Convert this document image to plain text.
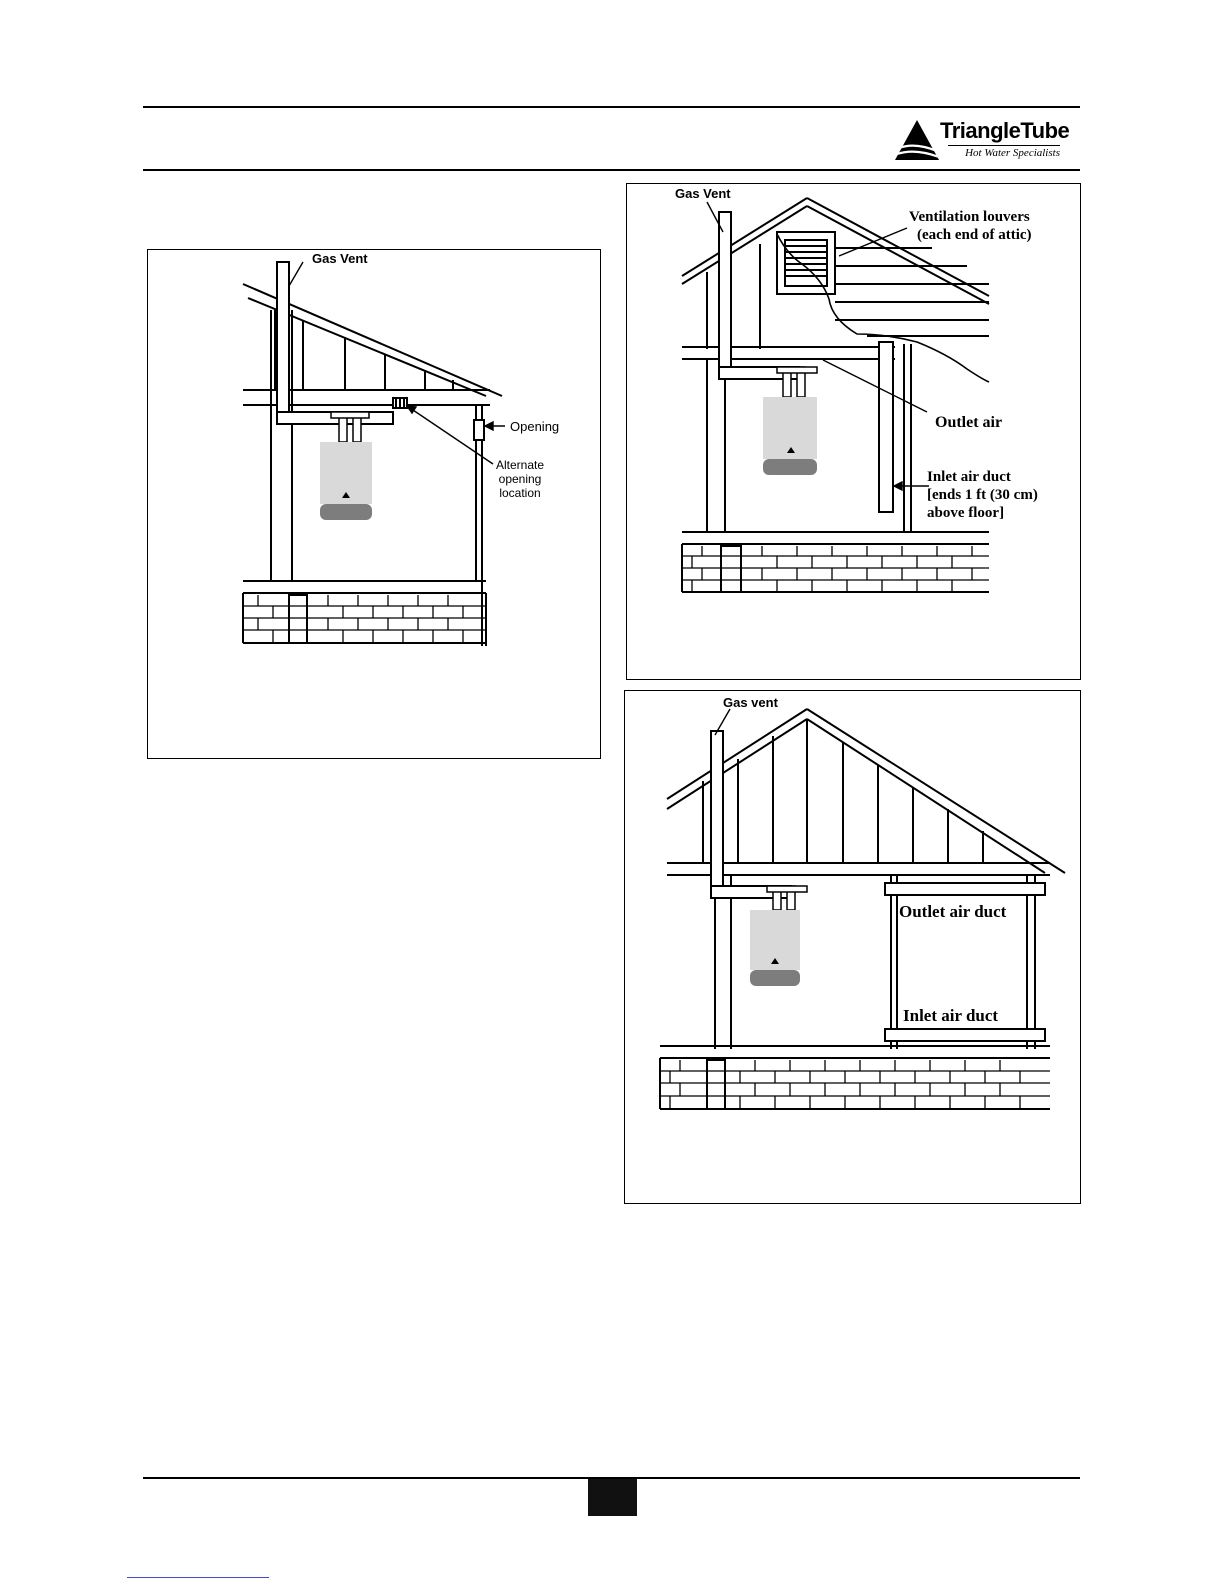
TriangleTube
Hot Water Specialists
Gas Vent
Opening
Alternate
opening
location
Gas Vent
Ventilation louvers
(each end of attic)
Outlet air
Inlet air duct
[ends 1 ft (30 cm)
above floor]
Gas vent
Outlet air duct
Inlet air duct
